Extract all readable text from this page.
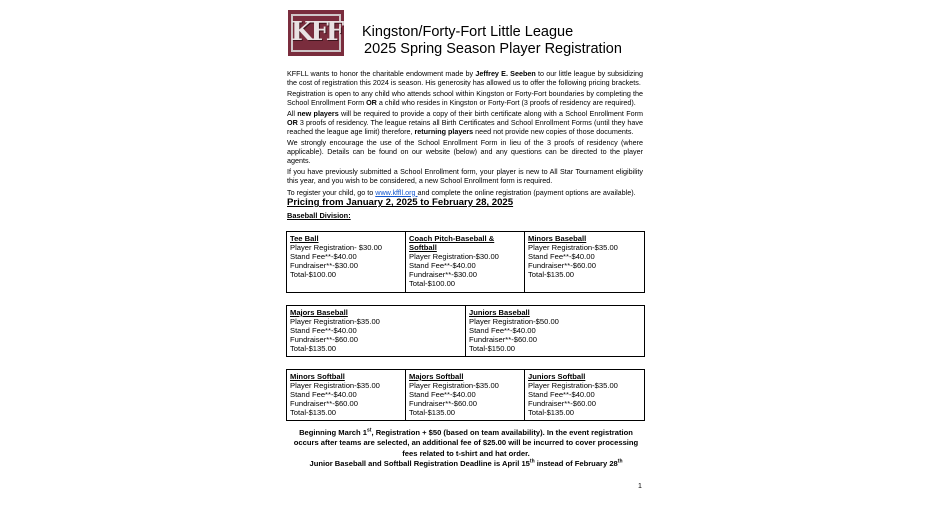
KFF Kingston/Forty-Fort Little League
2025 Spring Season Player Registration

KFFLL wants to honor the charitable endowment made by Jeffrey E. Seeben to our little league by subsidizing the cost of registration this 2024 is season. His generosity has allowed us to offer the following pricing brackets.

Registration is open to any child who attends school within Kingston or Forty-Fort boundaries by completing the School Enrollment Form OR a child who resides in Kingston or Forty-Fort (3 proofs of residency are required).

All new players will be required to provide a copy of their birth certificate along with a School Enrollment Form OR 3 proofs of residency. The league retains all Birth Certificates and School Enrollment Forms (until they have reached the league age limit) therefore, returning players need not provide new copies of those documents.

We strongly encourage the use of the School Enrollment Form in lieu of the 3 proofs of residency (where applicable). Details can be found on our website (below) and any questions can be directed to the player agents.

If you have previously submitted a School Enrollment form, your player is new to All Star Tournament eligibility this year, and you wish to be considered, a new School Enrollment form is required.

To register your child, go to www.kffll.org and complete the online registration (payment options are available).

Pricing from January 2, 2025 to February 28, 2025
Baseball Division:
Tee Ball
Player Registration- $30.00
Stand Fee**-$40.00
Fundraiser**-$30.00
Total-$100.00

Coach Pitch-Baseball & Softball
Player Registration-$30.00
Stand Fee**-$40.00
Fundraiser**-$30.00
Total-$100.00

Minors Baseball
Player Registration-$35.00
Stand Fee**-$40.00
Fundraiser**-$60.00
Total-$135.00
Majors Baseball
Player Registration-$35.00
Stand Fee**-$40.00
Fundraiser**-$60.00
Total-$135.00

Juniors Baseball
Player Registration-$50.00
Stand Fee**-$40.00
Fundraiser**-$60.00
Total-$150.00
Minors Softball
Player Registration-$35.00
Stand Fee**-$40.00
Fundraiser**-$60.00
Total-$135.00

Majors Softball
Player Registration-$35.00
Stand Fee**-$40.00
Fundraiser**-$60.00
Total-$135.00

Juniors Softball
Player Registration-$35.00
Stand Fee**-$40.00
Fundraiser**-$60.00
Total-$135.00
Beginning March 1st, Registration + $50 (based on team availability). In the event registration occurs after teams are selected, an additional fee of $25.00 will be incurred to cover processing fees related to t-shirt and hat order.
Junior Baseball and Softball Registration Deadline is April 15th instead of February 28th
1
